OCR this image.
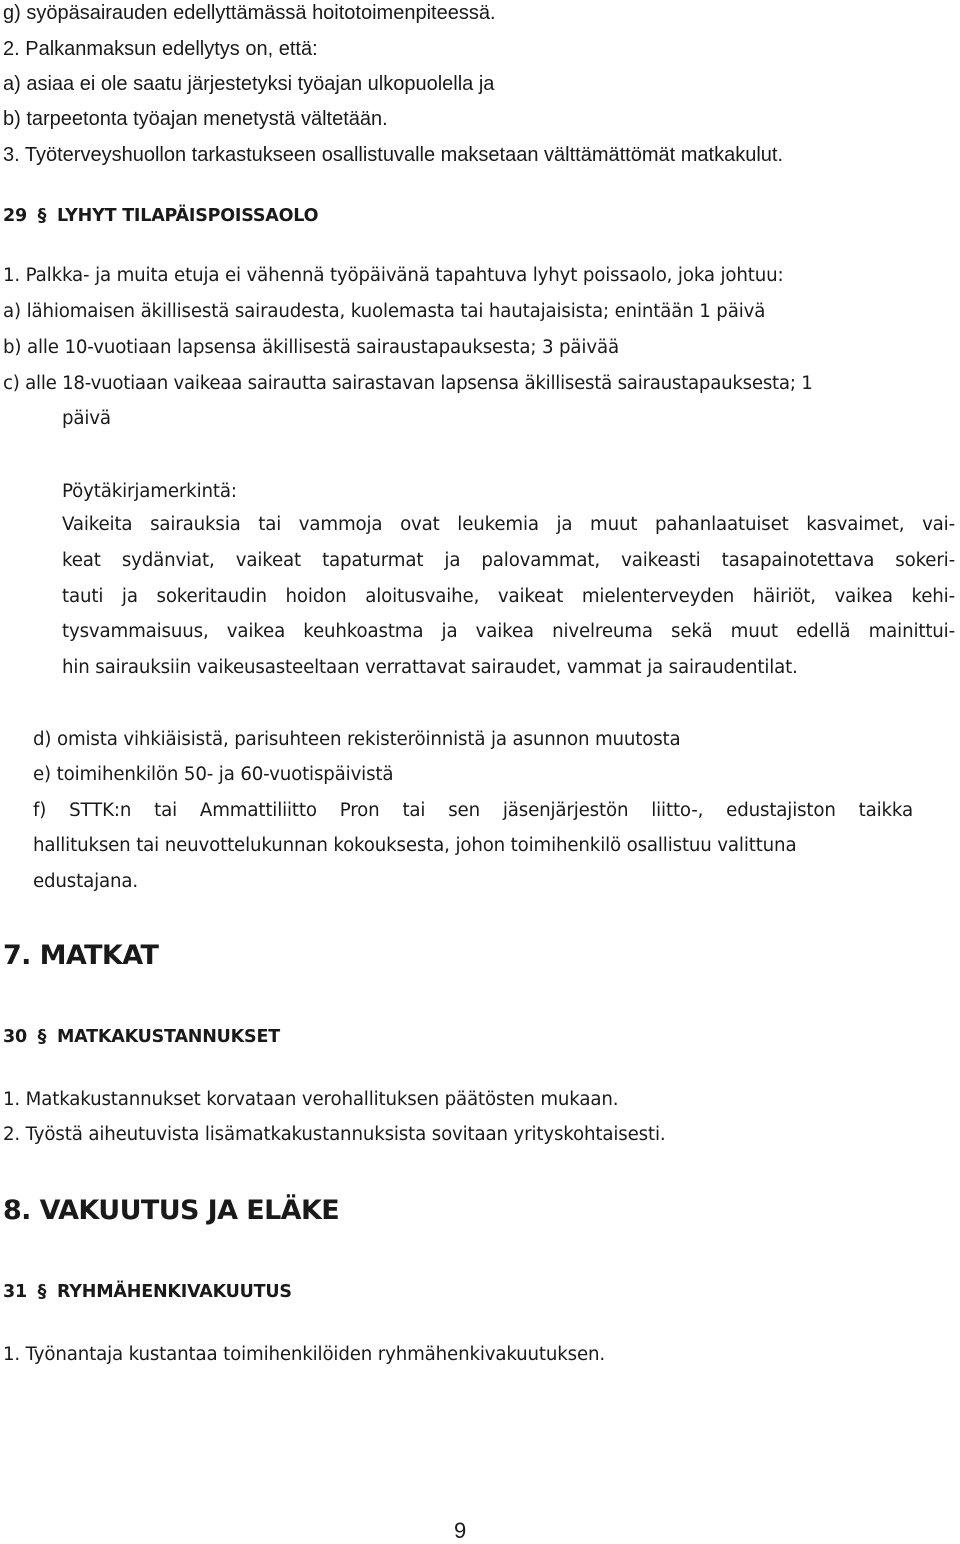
g) syöpäsairauden edellyttämässä hoitotoimenpiteessä.

2. Palkanmaksun edellytys on, että:

a) asiaa ei ole saatu järjestetyksi työajan ulkopuolella ja

b) tarpeetonta työajan menetystä vältetään.

3. Työterveyshuollon tarkastukseen osallistuvalle maksetaan välttämättömät matkakulut.

29 § LYHYT TILAPÄISPOISSAOLO

1. Palkka- ja muita etuja ei vähennä työpäivänä tapahtuva lyhyt poissaolo, joka johtuu:

a) lähiomaisen äkillisestä sairaudesta, kuolemasta tai hautajaisista; enintään 1 päivä

b) alle 10-vuotiaan lapsensa äkillisestä sairaustapauksesta; 3 päivää

c) alle 18-vuotiaan vaikeaa sairautta sairastavan lapsensa äkillisestä sairaustapauksesta; 1

päivä

Pöytäkirjamerkintä:

Vaikeita sairauksia tai vammoja ovat leukemia ja muut pahanlaatuiset kasvaimet, vai-

keat sydänviat, vaikeat tapaturmat ja palovammat, vaikeasti tasapainotettava sokeri-

tauti ja sokeritaudin hoidon aloitusvaihe, vaikeat mielenterveyden häiriöt, vaikea kehi-

tysvammaisuus, vaikea keuhkoastma ja vaikea nivelreuma sekä muut edellä mainittui-

hin sairauksiin vaikeusasteeltaan verrattavat sairaudet, vammat ja sairaudentilat.

d) omista vihkiäisistä, parisuhteen rekisteröinnistä ja asunnon muutosta

e) toimihenkilön 50- ja 60-vuotispäivistä

f) STTK:n tai Ammattiliitto Pron tai sen jäsenjärjestön liitto-, edustajiston taikka

hallituksen tai neuvottelukunnan kokouksesta, johon toimihenkilö osallistuu valittuna

edustajana.

7. MATKAT
30 § MATKAKUSTANNUKSET

1. Matkakustannukset korvataan verohallituksen päätösten mukaan.

2. Työstä aiheutuvista lisämatkakustannuksista sovitaan yrityskohtaisesti.

8. VAKUUTUS JA ELÄKE
31 § RYHMÄHENKIVAKUUTUS

1. Työnantaja kustantaa toimihenkilöiden ryhmähenkivakuutuksen.

9
